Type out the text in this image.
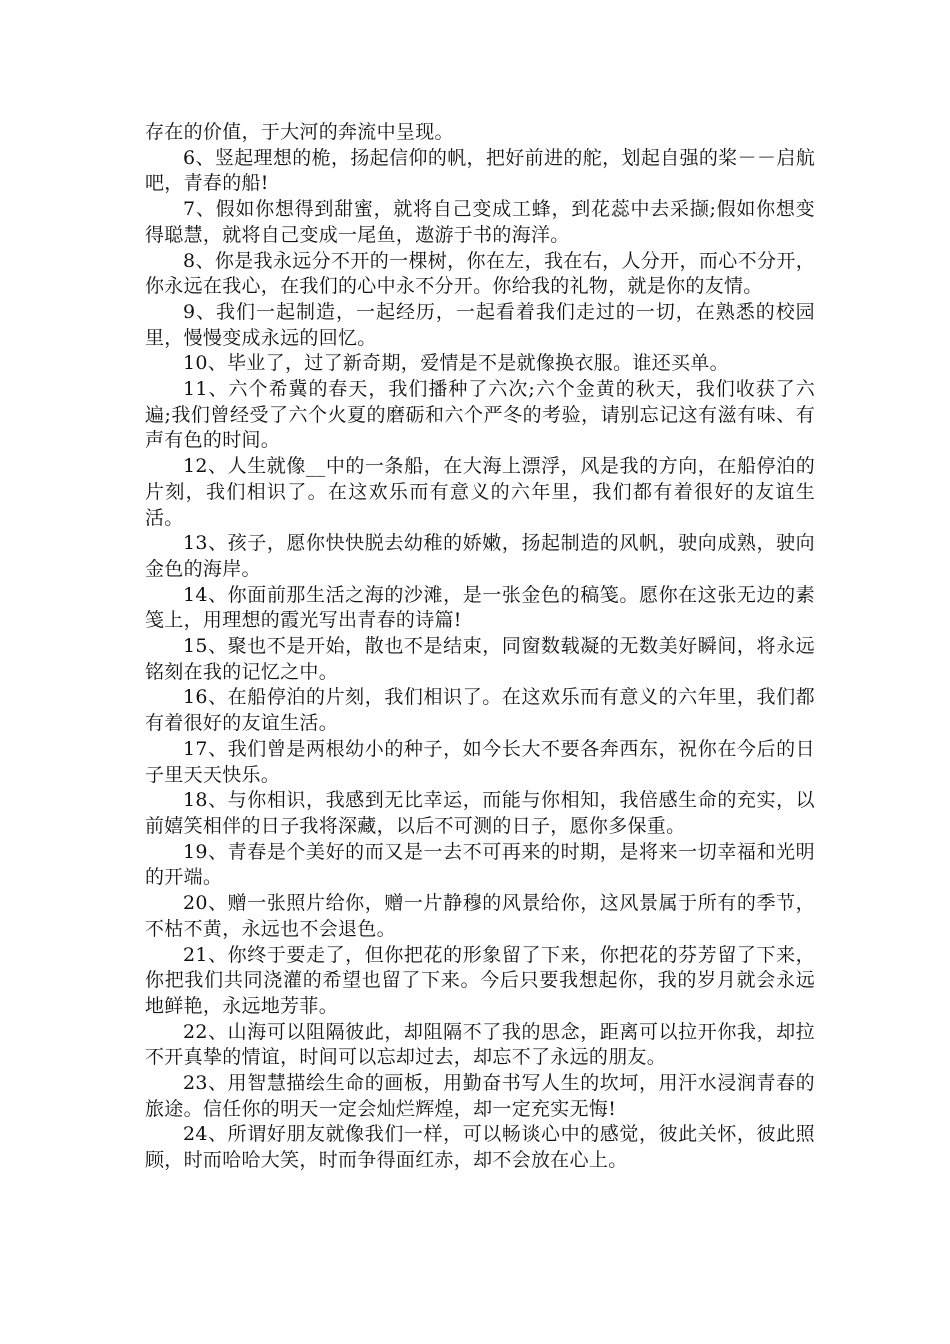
存在的价值，于大河的奔流中呈现。

6、竖起理想的桅，扬起信仰的帆，把好前进的舵，划起自强的桨－－启航吧，青春的船!

7、假如你想得到甜蜜，就将自己变成工蜂，到花蕊中去采撷;假如你想变得聪慧，就将自己变成一尾鱼，遨游于书的海洋。

8、你是我永远分不开的一棵树，你在左，我在右，人分开，而心不分开，你永远在我心，在我们的心中永不分开。你给我的礼物，就是你的友情。

9、我们一起制造，一起经历，一起看着我们走过的一切，在熟悉的校园里，慢慢变成永远的回忆。

10、毕业了，过了新奇期，爱情是不是就像换衣服。谁还买单。

11、六个希冀的春天，我们播种了六次;六个金黄的秋天，我们收获了六遍;我们曾经受了六个火夏的磨砺和六个严冬的考验，请别忘记这有滋有味、有声有色的时间。

12、人生就像__中的一条船，在大海上漂浮，风是我的方向，在船停泊的片刻，我们相识了。在这欢乐而有意义的六年里，我们都有着很好的友谊生活。

13、孩子，愿你快快脱去幼稚的娇嫩，扬起制造的风帆，驶向成熟，驶向金色的海岸。

14、你面前那生活之海的沙滩，是一张金色的稿笺。愿你在这张无边的素笺上，用理想的霞光写出青春的诗篇!

15、聚也不是开始，散也不是结束，同窗数载凝的无数美好瞬间，将永远铭刻在我的记忆之中。

16、在船停泊的片刻，我们相识了。在这欢乐而有意义的六年里，我们都有着很好的友谊生活。

17、我们曾是两根幼小的种子，如今长大不要各奔西东，祝你在今后的日子里天天快乐。

18、与你相识，我感到无比幸运，而能与你相知，我倍感生命的充实，以前嬉笑相伴的日子我将深藏，以后不可测的日子，愿你多保重。

19、青春是个美好的而又是一去不可再来的时期，是将来一切幸福和光明的开端。

20、赠一张照片给你，赠一片静穆的风景给你，这风景属于所有的季节，不枯不黄，永远也不会退色。

21、你终于要走了，但你把花的形象留了下来，你把花的芬芳留了下来，你把我们共同浇灌的希望也留了下来。今后只要我想起你，我的岁月就会永远地鲜艳，永远地芳菲。

22、山海可以阻隔彼此，却阻隔不了我的思念，距离可以拉开你我，却拉不开真挚的情谊，时间可以忘却过去，却忘不了永远的朋友。

23、用智慧描绘生命的画板，用勤奋书写人生的坎坷，用汗水浸润青春的旅途。信任你的明天一定会灿烂辉煌，却一定充实无悔!

24、所谓好朋友就像我们一样，可以畅谈心中的感觉，彼此关怀，彼此照顾，时而哈哈大笑，时而争得面红赤，却不会放在心上。
